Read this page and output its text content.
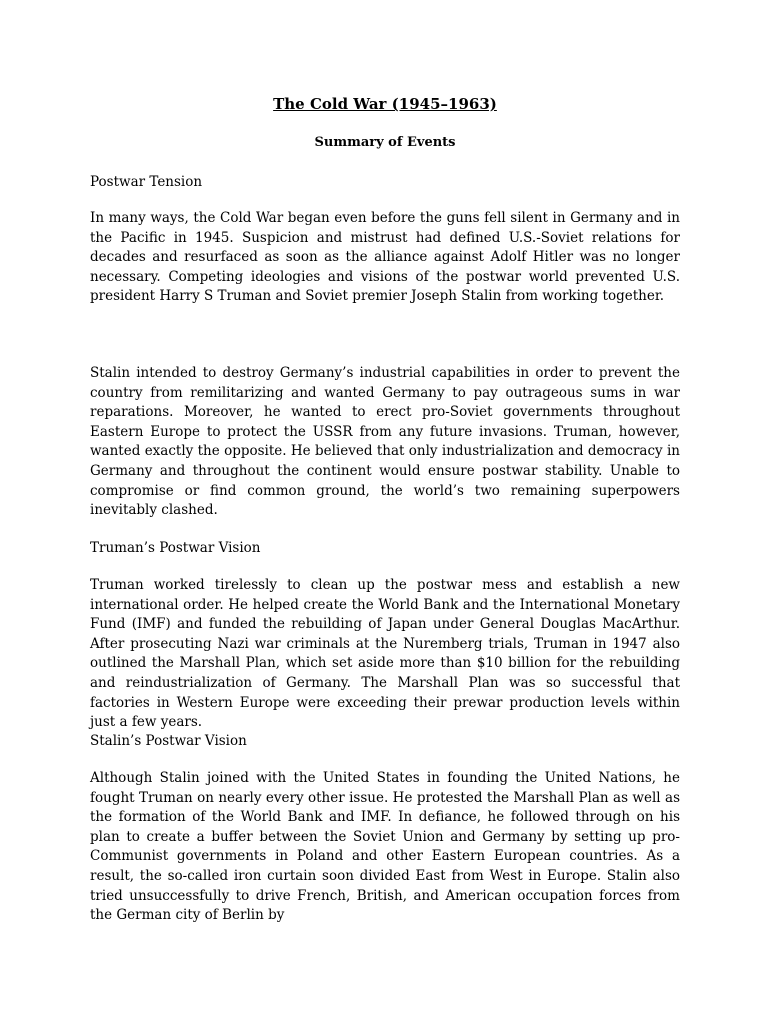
The Cold War (1945–1963)
Summary of Events

Postwar Tension

In many ways, the Cold War began even before the guns fell silent in Germany and in the Pacific in 1945. Suspicion and mistrust had defined U.S.-Soviet relations for decades and resurfaced as soon as the alliance against Adolf Hitler was no longer necessary. Competing ideologies and visions of the postwar world prevented U.S. president Harry S Truman and Soviet premier Joseph Stalin from working together.

Stalin intended to destroy Germany’s industrial capabilities in order to prevent the country from remilitarizing and wanted Germany to pay outrageous sums in war reparations. Moreover, he wanted to erect pro-Soviet governments throughout Eastern Europe to protect the USSR from any future invasions. Truman, however, wanted exactly the opposite. He believed that only industrialization and democracy in Germany and throughout the continent would ensure postwar stability. Unable to compromise or find common ground, the world’s two remaining superpowers inevitably clashed.

Truman’s Postwar Vision

Truman worked tirelessly to clean up the postwar mess and establish a new international order. He helped create the World Bank and the International Monetary Fund (IMF) and funded the rebuilding of Japan under General Douglas MacArthur. After prosecuting Nazi war criminals at the Nuremberg trials, Truman in 1947 also outlined the Marshall Plan, which set aside more than $10 billion for the rebuilding and reindustrialization of Germany. The Marshall Plan was so successful that factories in Western Europe were exceeding their prewar production levels within just a few years.

Stalin’s Postwar Vision

Although Stalin joined with the United States in founding the United Nations, he fought Truman on nearly every other issue. He protested the Marshall Plan as well as the formation of the World Bank and IMF. In defiance, he followed through on his plan to create a buffer between the Soviet Union and Germany by setting up pro-Communist governments in Poland and other Eastern European countries. As a result, the so-called iron curtain soon divided East from West in Europe. Stalin also tried unsuccessfully to drive French, British, and American occupation forces from the German city of Berlin by
